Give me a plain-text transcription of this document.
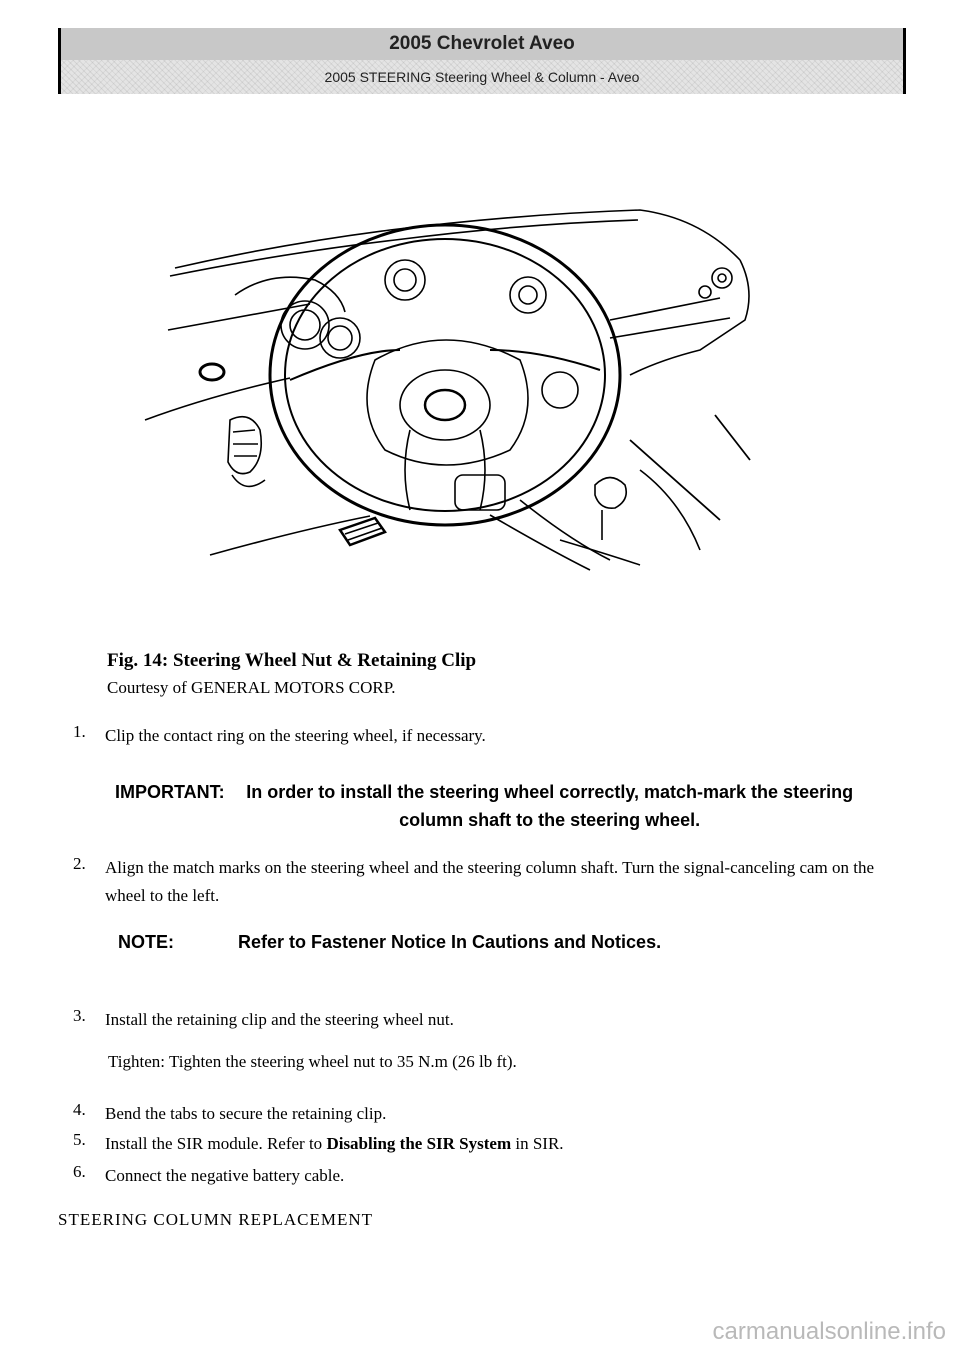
2005 Chevrolet Aveo
2005 STEERING Steering Wheel & Column - Aveo
Fig. 14: Steering Wheel Nut & Retaining Clip
Courtesy of GENERAL MOTORS CORP.
1. Clip the contact ring on the steering wheel, if necessary.
IMPORTANT: In order to install the steering wheel correctly, match-mark the steering column shaft to the steering wheel.
2. Align the match marks on the steering wheel and the steering column shaft. Turn the signal-canceling cam on the wheel to the left.
NOTE:	Refer to Fastener Notice In Cautions and Notices.
3. Install the retaining clip and the steering wheel nut.
Tighten: Tighten the steering wheel nut to 35 N.m (26 lb ft).
4. Bend the tabs to secure the retaining clip.
5. Install the SIR module. Refer to Disabling the SIR System in SIR.
6. Connect the negative battery cable.
STEERING COLUMN REPLACEMENT
carmanualsonline.info
